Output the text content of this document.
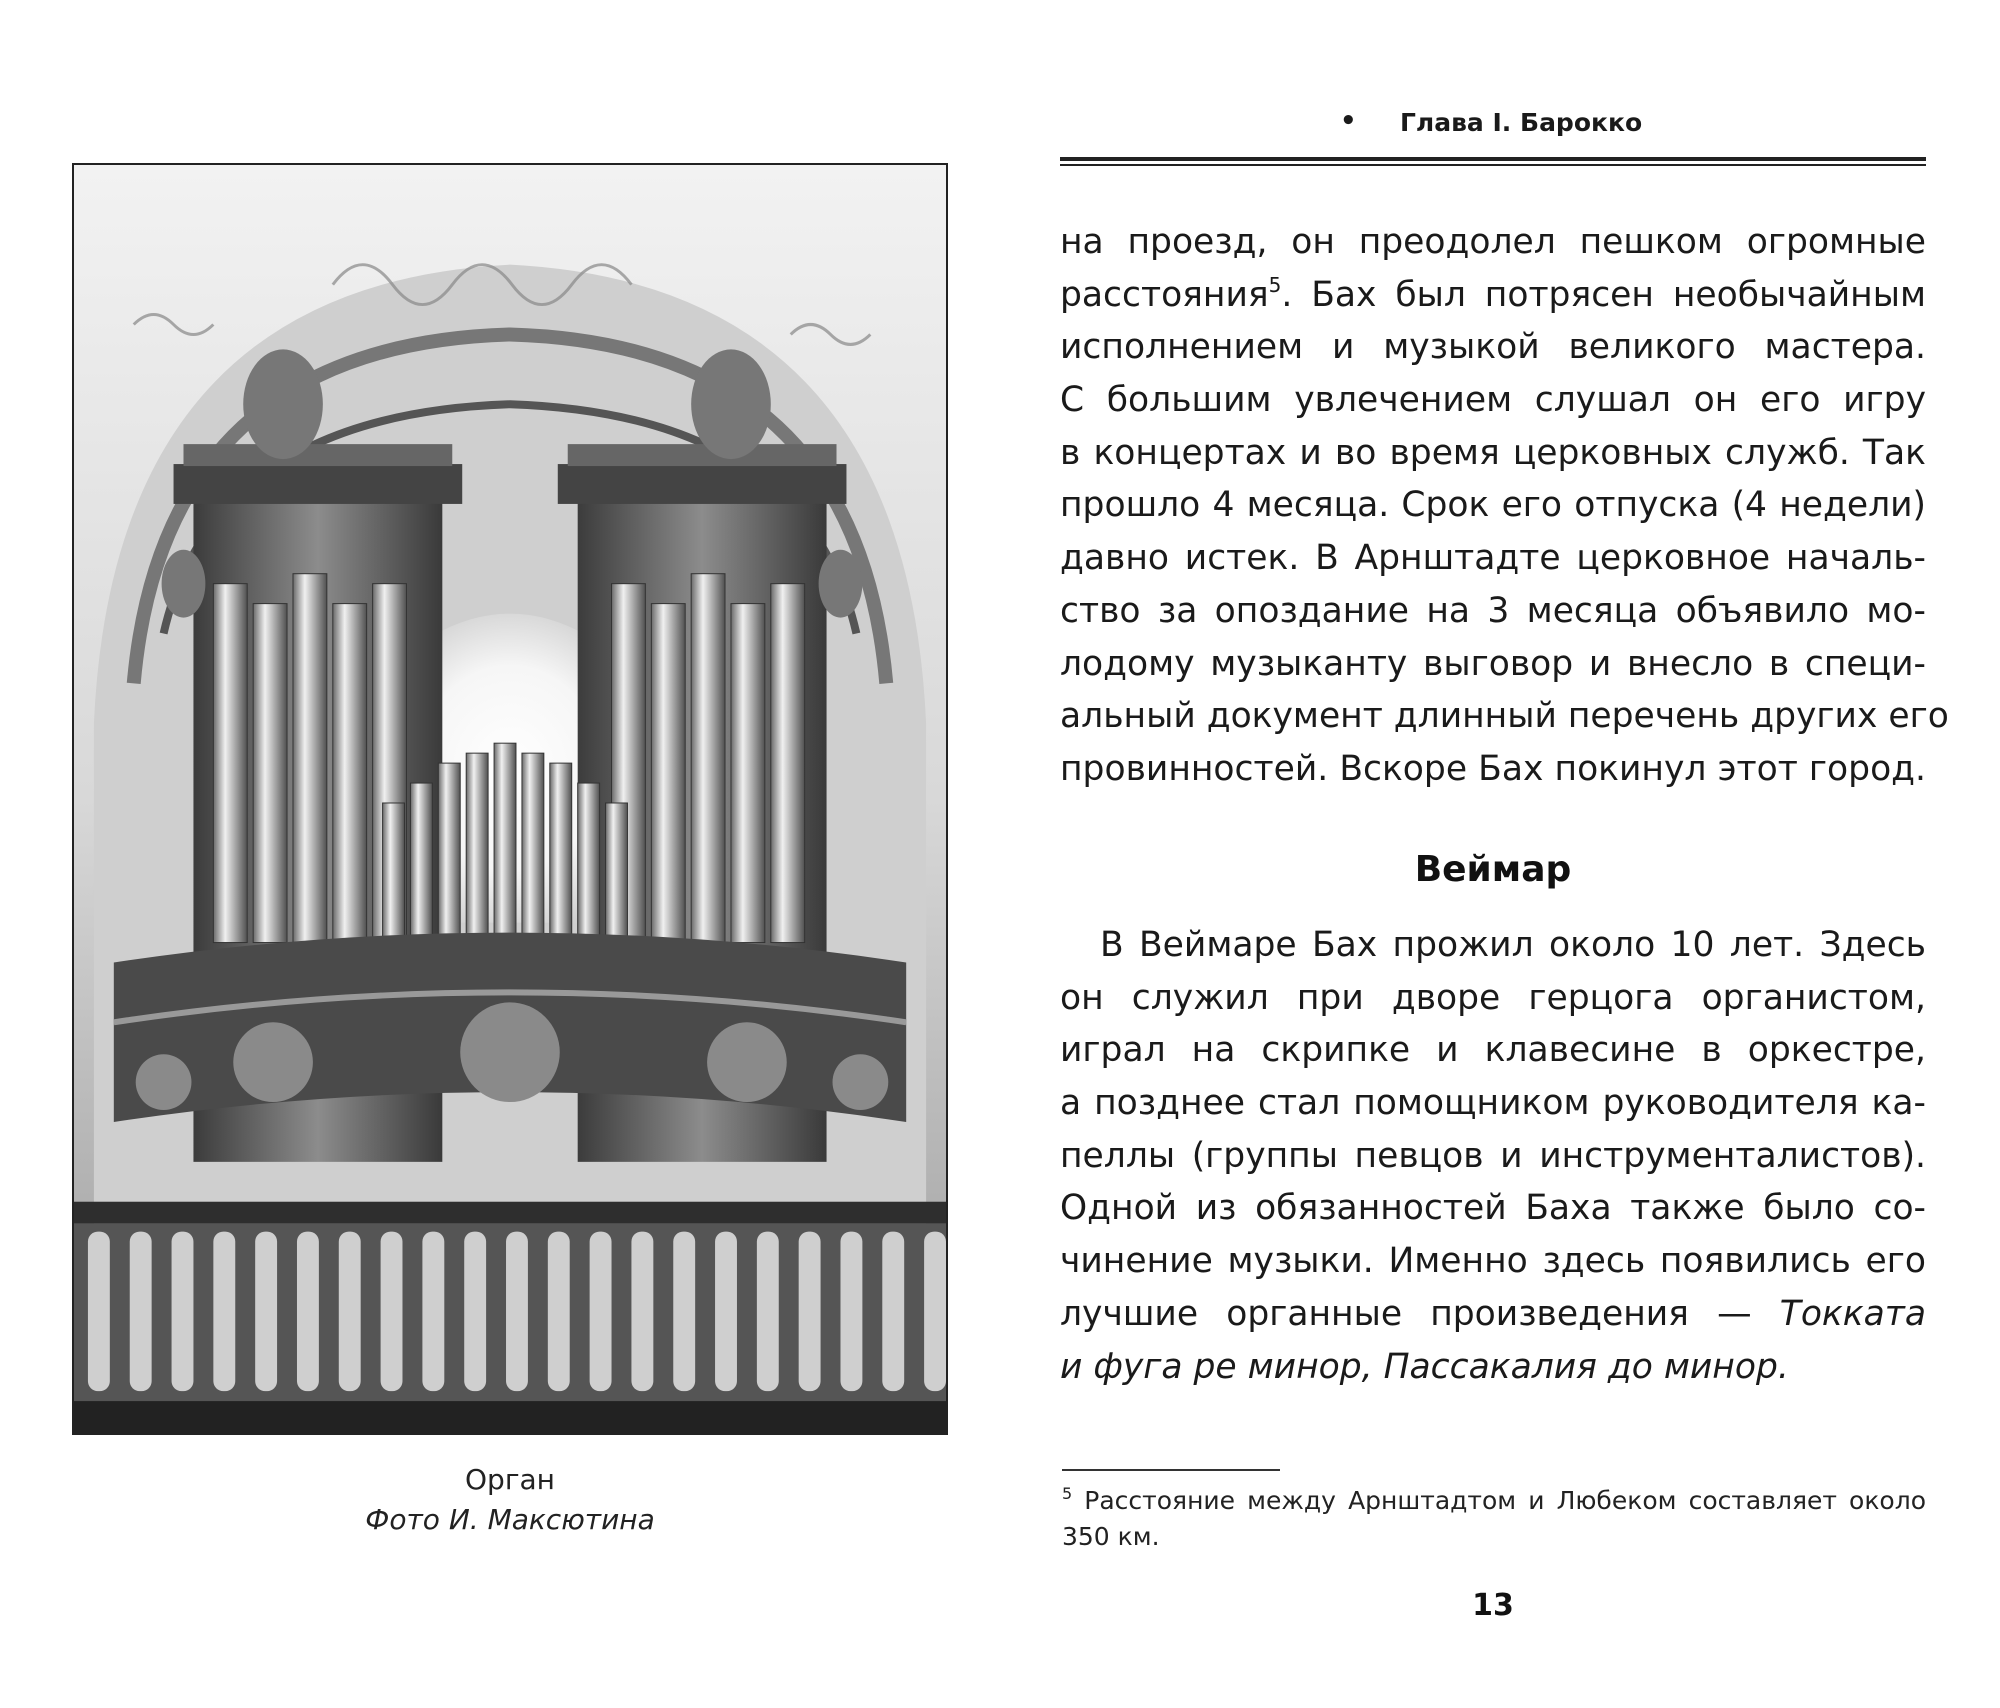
Орган
Фото И. Максютина
• Глава I. Барокко
на проезд, он преодолел пешком огромные
расстояния$^5$. Бах был потрясен необычайным
исполнением и музыкой великого мастера.
С большим увлечением слушал он его игру
в концертах и во время церковных служб. Так
прошло 4 месяца. Срок его отпуска (4 недели)
давно истек. В Арнштадте церковное началь-
ство за опоздание на 3 месяца объявило мо-
лодому музыканту выговор и внесло в специ-
альный документ длинный перечень других его
провинностей. Вскоре Бах покинул этот город.
Веймар
В Веймаре Бах прожил около 10 лет. Здесь
он служил при дворе герцога органистом,
играл на скрипке и клавесине в оркестре,
а позднее стал помощником руководителя ка-
пеллы (группы певцов и инструменталистов).
Одной из обязанностей Баха также было со-
чинение музыки. Именно здесь появились его
лучшие органные произведения — Токката
и фуга ре минор, Пассакалия до минор.
$^5$ Расстояние между Арнштадтом и Любеком составляет около
350 км.
13
